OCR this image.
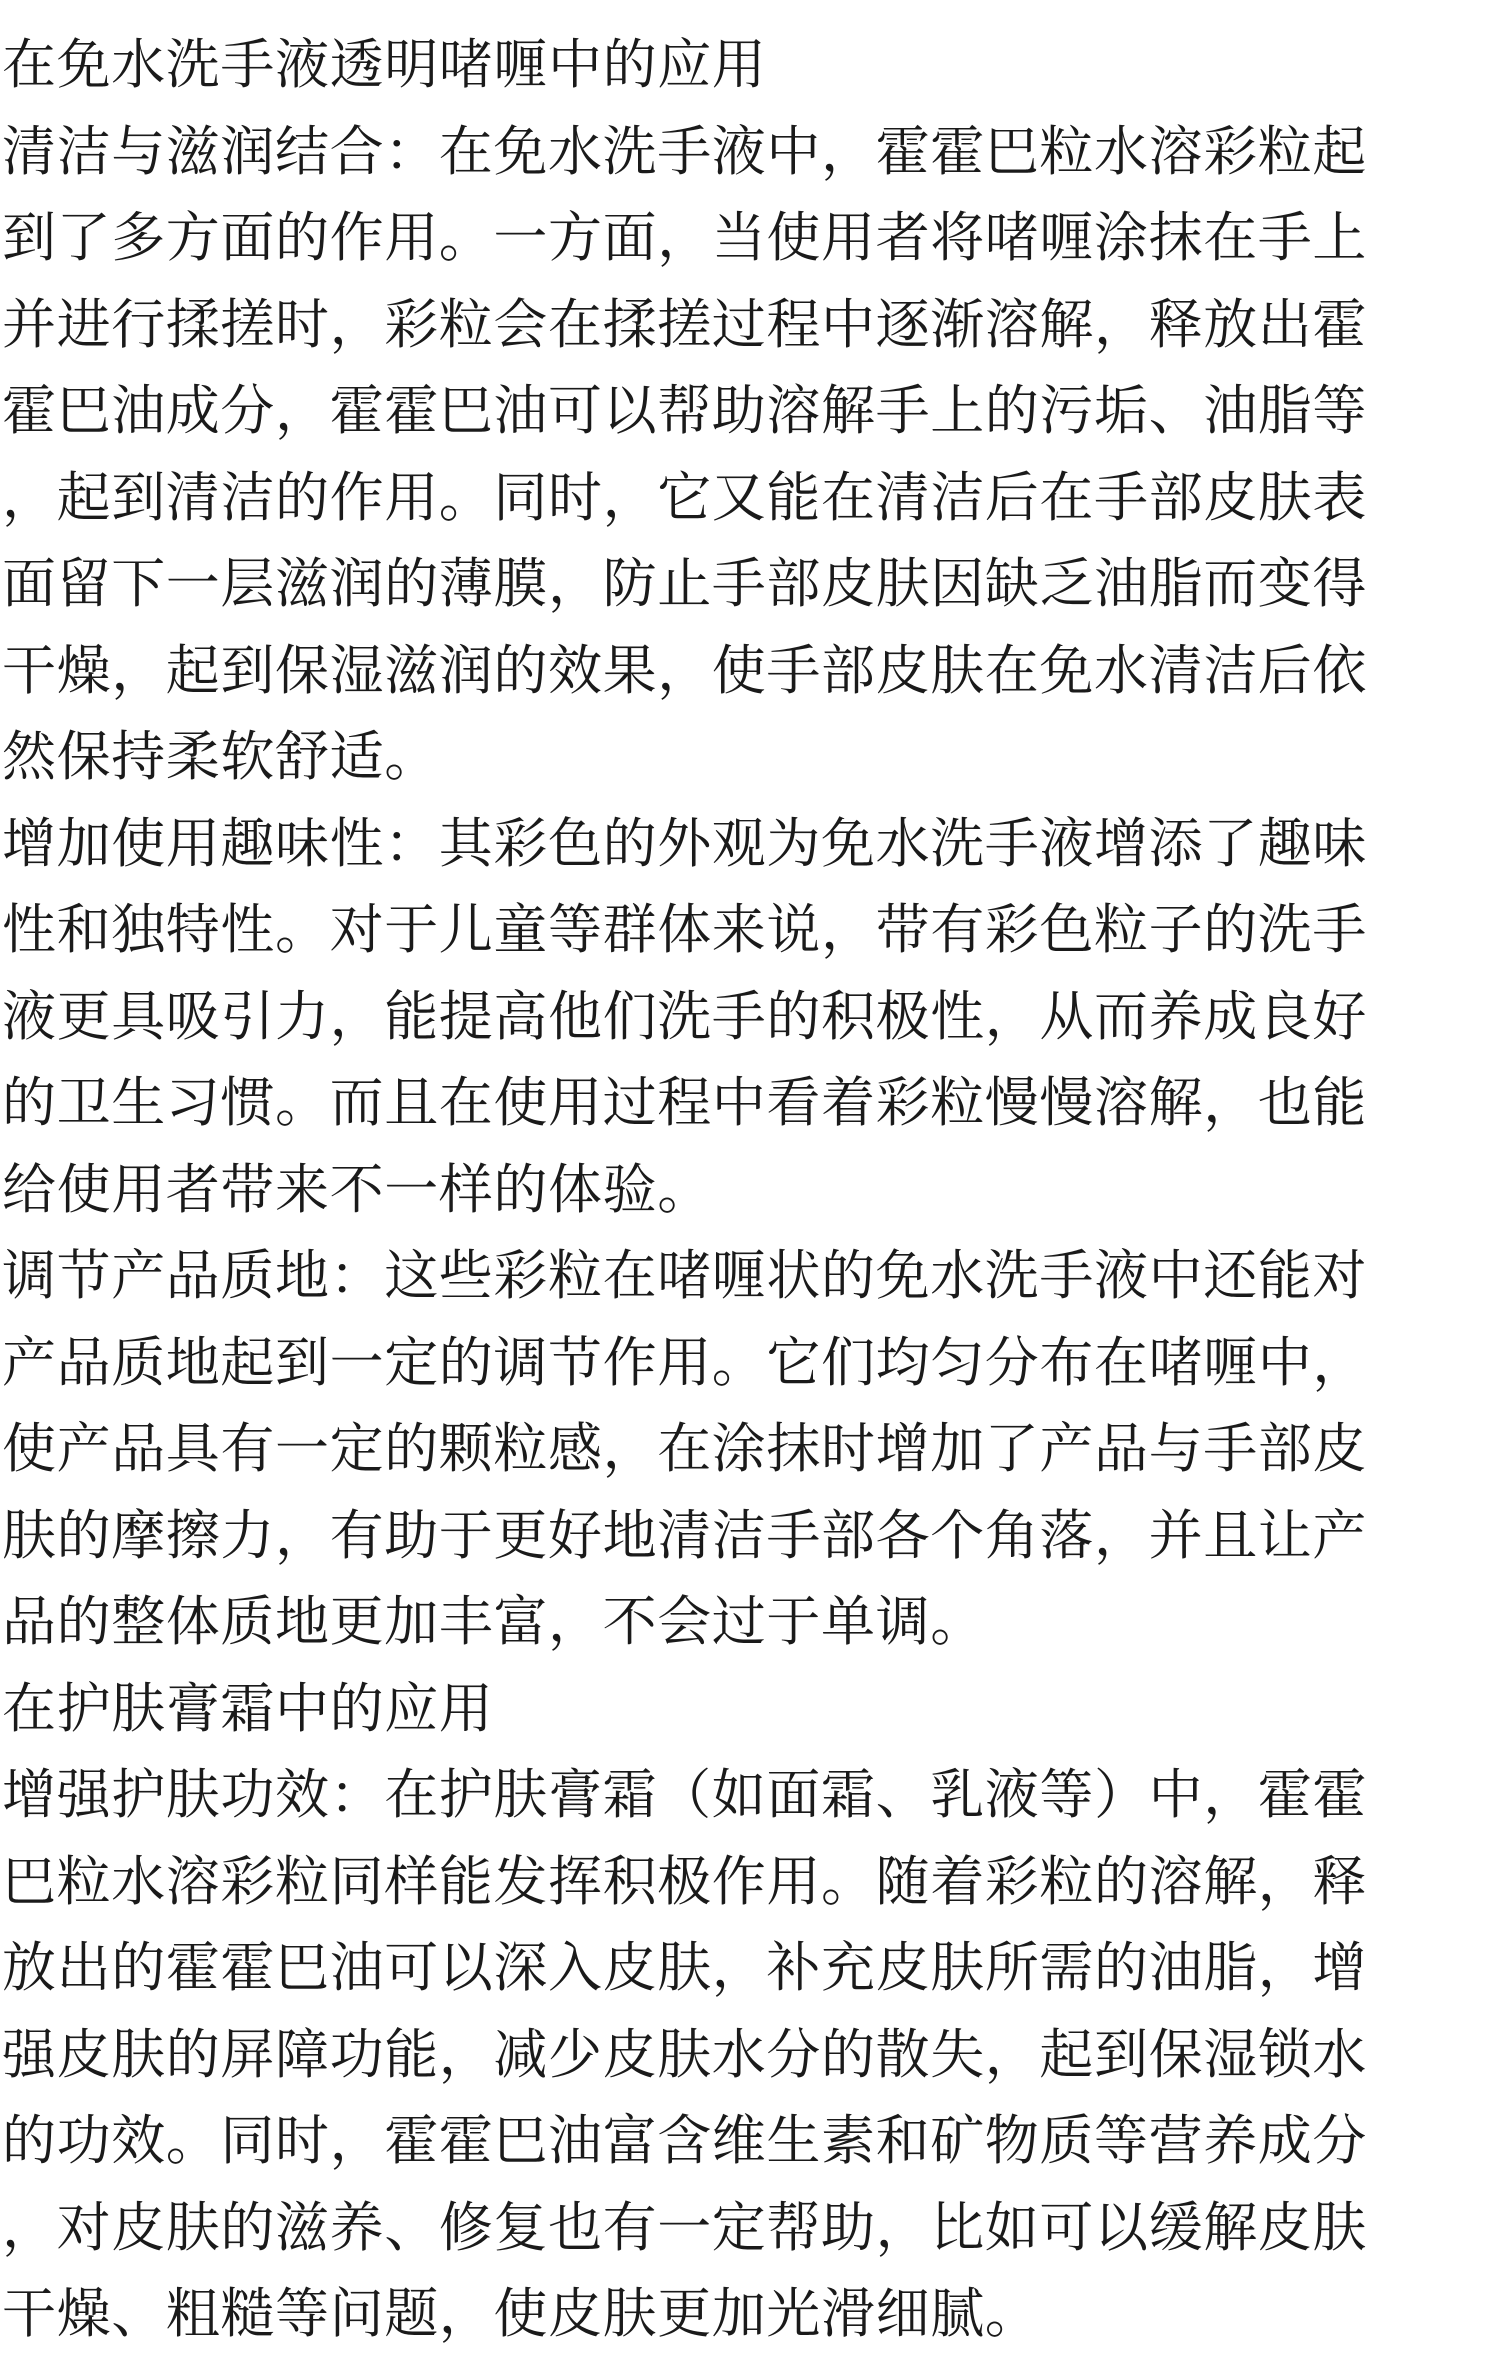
在免水洗手液透明啫喱中的应用
清洁与滋润结合：在免水洗手液中，霍霍巴粒水溶彩粒起
到了多方面的作用。一方面，当使用者将啫喱涂抹在手上
并进行揉搓时，彩粒会在揉搓过程中逐渐溶解，释放出霍
霍巴油成分，霍霍巴油可以帮助溶解手上的污垢、油脂等
，起到清洁的作用。同时，它又能在清洁后在手部皮肤表
面留下一层滋润的薄膜，防止手部皮肤因缺乏油脂而变得
干燥，起到保湿滋润的效果，使手部皮肤在免水清洁后依
然保持柔软舒适。
增加使用趣味性：其彩色的外观为免水洗手液增添了趣味
性和独特性。对于儿童等群体来说，带有彩色粒子的洗手
液更具吸引力，能提高他们洗手的积极性，从而养成良好
的卫生习惯。而且在使用过程中看着彩粒慢慢溶解，也能
给使用者带来不一样的体验。
调节产品质地：这些彩粒在啫喱状的免水洗手液中还能对
产品质地起到一定的调节作用。它们均匀分布在啫喱中，
使产品具有一定的颗粒感，在涂抹时增加了产品与手部皮
肤的摩擦力，有助于更好地清洁手部各个角落，并且让产
品的整体质地更加丰富，不会过于单调。
在护肤膏霜中的应用
增强护肤功效：在护肤膏霜（如面霜、乳液等）中，霍霍
巴粒水溶彩粒同样能发挥积极作用。随着彩粒的溶解，释
放出的霍霍巴油可以深入皮肤，补充皮肤所需的油脂，增
强皮肤的屏障功能，减少皮肤水分的散失，起到保湿锁水
的功效。同时，霍霍巴油富含维生素和矿物质等营养成分
，对皮肤的滋养、修复也有一定帮助，比如可以缓解皮肤
干燥、粗糙等问题，使皮肤更加光滑细腻。
